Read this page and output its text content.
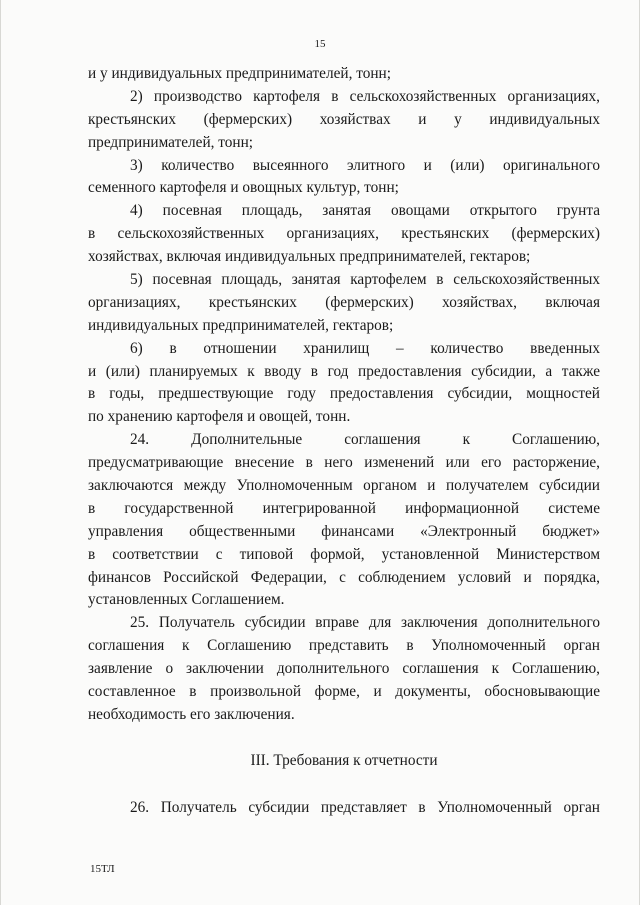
15
и у индивидуальных предпринимателей, тонн;
2) производство картофеля в сельскохозяйственных организациях,
крестьянских (фермерских) хозяйствах и у индивидуальных
предпринимателей, тонн;
3) количество высеянного элитного и (или) оригинального
семенного картофеля и овощных культур, тонн;
4) посевная площадь, занятая овощами открытого грунта
в сельскохозяйственных организациях, крестьянских (фермерских)
хозяйствах, включая индивидуальных предпринимателей, гектаров;
5) посевная площадь, занятая картофелем в сельскохозяйственных
организациях, крестьянских (фермерских) хозяйствах, включая
индивидуальных предпринимателей, гектаров;
6) в отношении хранилищ – количество введенных
и (или) планируемых к вводу в год предоставления субсидии, а также
в годы, предшествующие году предоставления субсидии, мощностей
по хранению картофеля и овощей, тонн.
24. Дополнительные соглашения к Соглашению,
предусматривающие внесение в него изменений или его расторжение,
заключаются между Уполномоченным органом и получателем субсидии
в государственной интегрированной информационной системе
управления общественными финансами «Электронный бюджет»
в соответствии с типовой формой, установленной Министерством
финансов Российской Федерации, с соблюдением условий и порядка,
установленных Соглашением.
25. Получатель субсидии вправе для заключения дополнительного
соглашения к Соглашению представить в Уполномоченный орган
заявление о заключении дополнительного соглашения к Соглашению,
составленное в произвольной форме, и документы, обосновывающие
необходимость его заключения.
III. Требования к отчетности
26. Получатель субсидии представляет в Уполномоченный орган
15ТЛ
